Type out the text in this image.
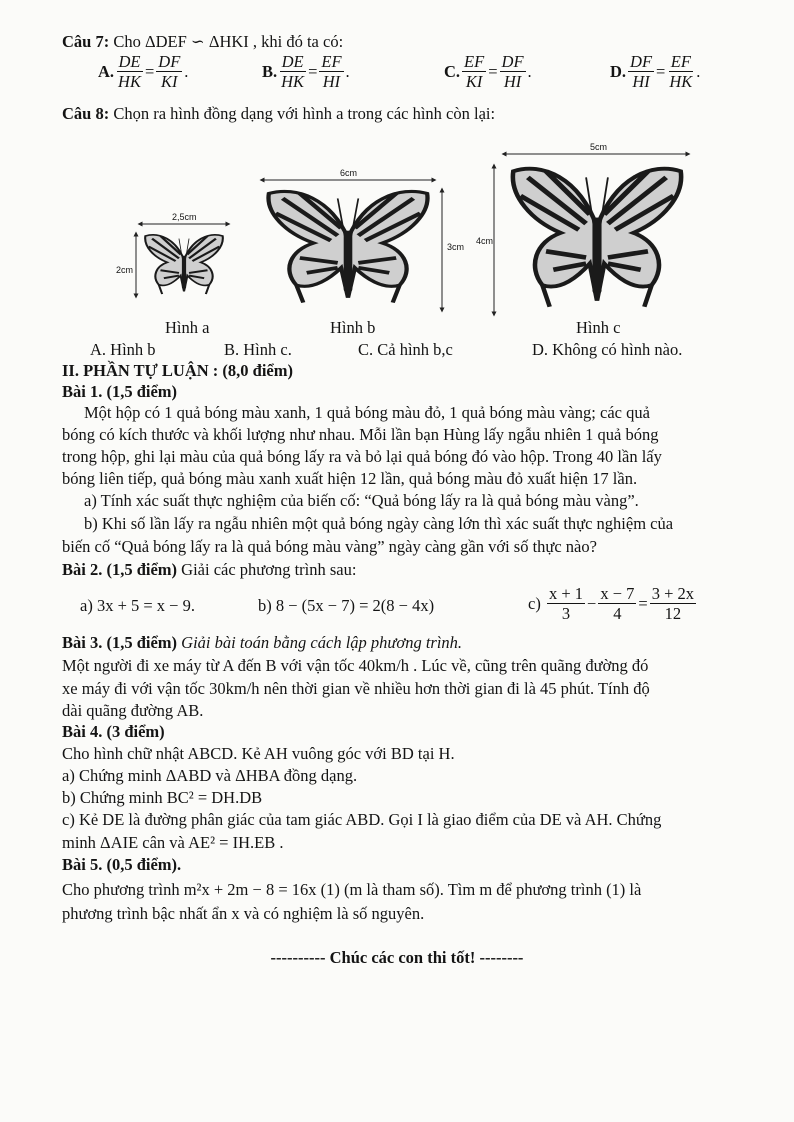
Câu 7: Cho ΔDEF ∽ ΔHKI , khi đó ta có:
A. $\frac{DE}{HK} = \frac{DF}{KI}$ .	B. $\frac{DE}{HK} = \frac{EF}{HI}$ .	C. $\frac{EF}{KI} = \frac{DF}{HI}$ .	D. $\frac{DF}{HI} = \frac{EF}{HK}$ .
Câu 8: Chọn ra hình đồng dạng với hình a trong các hình còn lại:
2,5cm
2cm
6cm
3cm
5cm
4cm
Hình a	Hình b	Hình c
A. Hình b	B. Hình c.	C. Cả hình b,c	D. Không có hình nào.
II. PHẦN TỰ LUẬN : (8,0 điểm)
Bài 1. (1,5 điểm)
Một hộp có 1 quả bóng màu xanh, 1 quả bóng màu đỏ, 1 quả bóng màu vàng; các quả
bóng có kích thước và khối lượng như nhau. Mỗi lần bạn Hùng lấy ngẫu nhiên 1 quả bóng
trong hộp, ghi lại màu của quả bóng lấy ra và bỏ lại quả bóng đó vào hộp. Trong 40 lần lấy
bóng liên tiếp, quả bóng màu xanh xuất hiện 12 lần, quả bóng màu đỏ xuất hiện 17 lần.
a) Tính xác suất thực nghiệm của biến cố: “Quả bóng lấy ra là quả bóng màu vàng”.
b) Khi số lần lấy ra ngẫu nhiên một quả bóng ngày càng lớn thì xác suất thực nghiệm của
biến cố “Quả bóng lấy ra là quả bóng màu vàng” ngày càng gần với số thực nào?
Bài 2. (1,5 điểm) Giải các phương trình sau:
a) 3x + 5 = x − 9.	b) 8 − (5x − 7) = 2(8 − 4x)	c)
$\frac{x + 1}{3} - \frac{x - 7}{4} = \frac{3 + 2x}{12}$
Bài 3. (1,5 điểm) Giải bài toán bằng cách lập phương trình.
Một người đi xe máy từ A đến B với vận tốc 40km/h . Lúc về, cũng trên quãng đường đó
xe máy đi với vận tốc 30km/h nên thời gian về nhiều hơn thời gian đi là 45 phút. Tính độ
dài quãng đường AB.
Bài 4. (3 điểm)
Cho hình chữ nhật ABCD. Kẻ AH vuông góc với BD tại H.
a) Chứng minh ΔABD và ΔHBA đồng dạng.
b) Chứng minh BC² = DH.DB
c) Kẻ DE là đường phân giác của tam giác ABD. Gọi I là giao điểm của DE và AH. Chứng
minh ΔAIE cân và AE² = IH.EB .
Bài 5. (0,5 điểm).
Cho phương trình m²x + 2m − 8 = 16x (1) (m là tham số). Tìm m để phương trình (1) là
phương trình bậc nhất ẩn x và có nghiệm là số nguyên.
---------- Chúc các con thi tốt! --------
